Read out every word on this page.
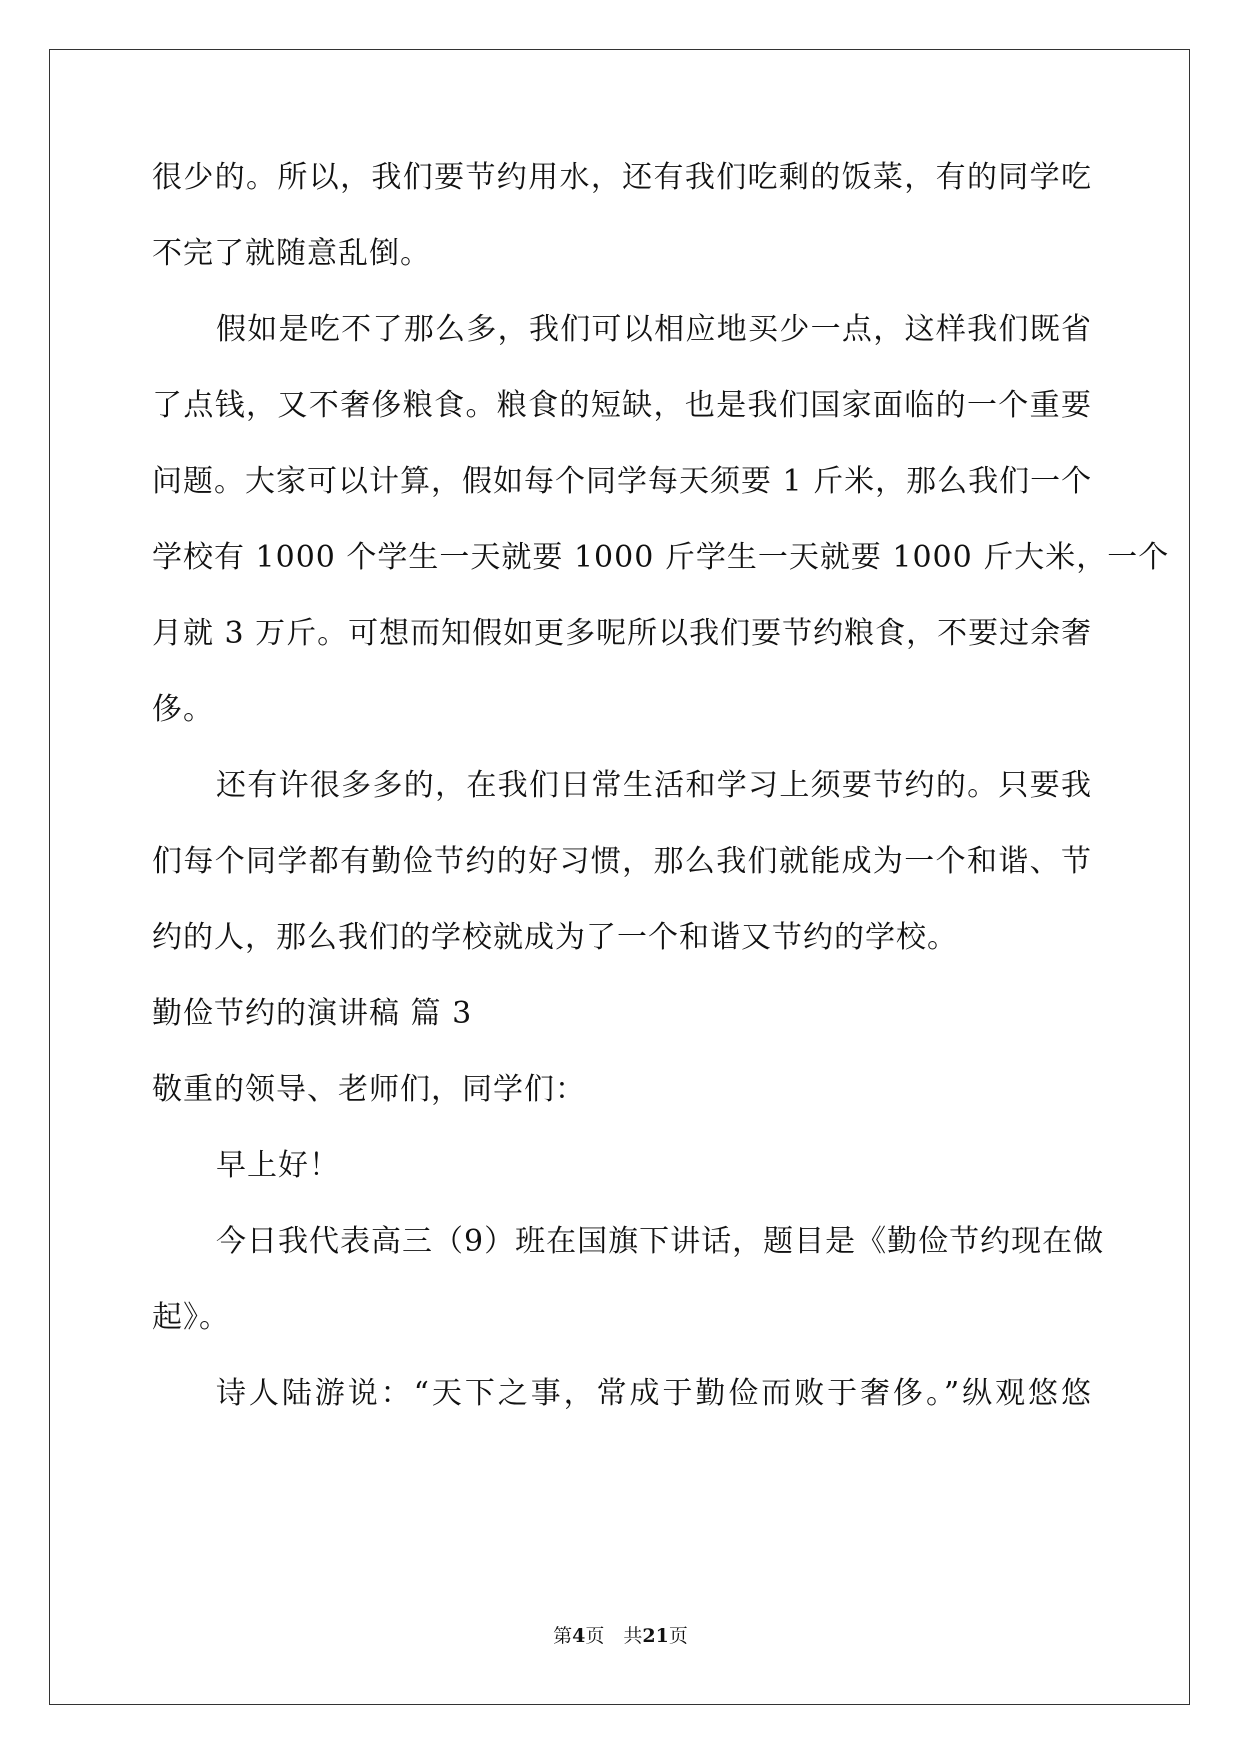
很少的。所以，我们要节约用水，还有我们吃剩的饭菜，有的同学吃

不完了就随意乱倒。

假如是吃不了那么多，我们可以相应地买少一点，这样我们既省

了点钱，又不奢侈粮食。粮食的短缺，也是我们国家面临的一个重要

问题。大家可以计算，假如每个同学每天须要 1 斤米，那么我们一个

学校有 1000 个学生一天就要 1000 斤学生一天就要 1000 斤大米，一个

月就 3 万斤。可想而知假如更多呢所以我们要节约粮食，不要过余奢

侈。

还有许很多多的，在我们日常生活和学习上须要节约的。只要我

们每个同学都有勤俭节约的好习惯，那么我们就能成为一个和谐、节

约的人，那么我们的学校就成为了一个和谐又节约的学校。

勤俭节约的演讲稿 篇 3

敬重的领导、老师们，同学们：

早上好！

今日我代表高三（9）班在国旗下讲话，题目是《勤俭节约现在做

起》。

诗人陆游说：“天下之事，常成于勤俭而败于奢侈。”纵观悠悠

第4页　共21页
